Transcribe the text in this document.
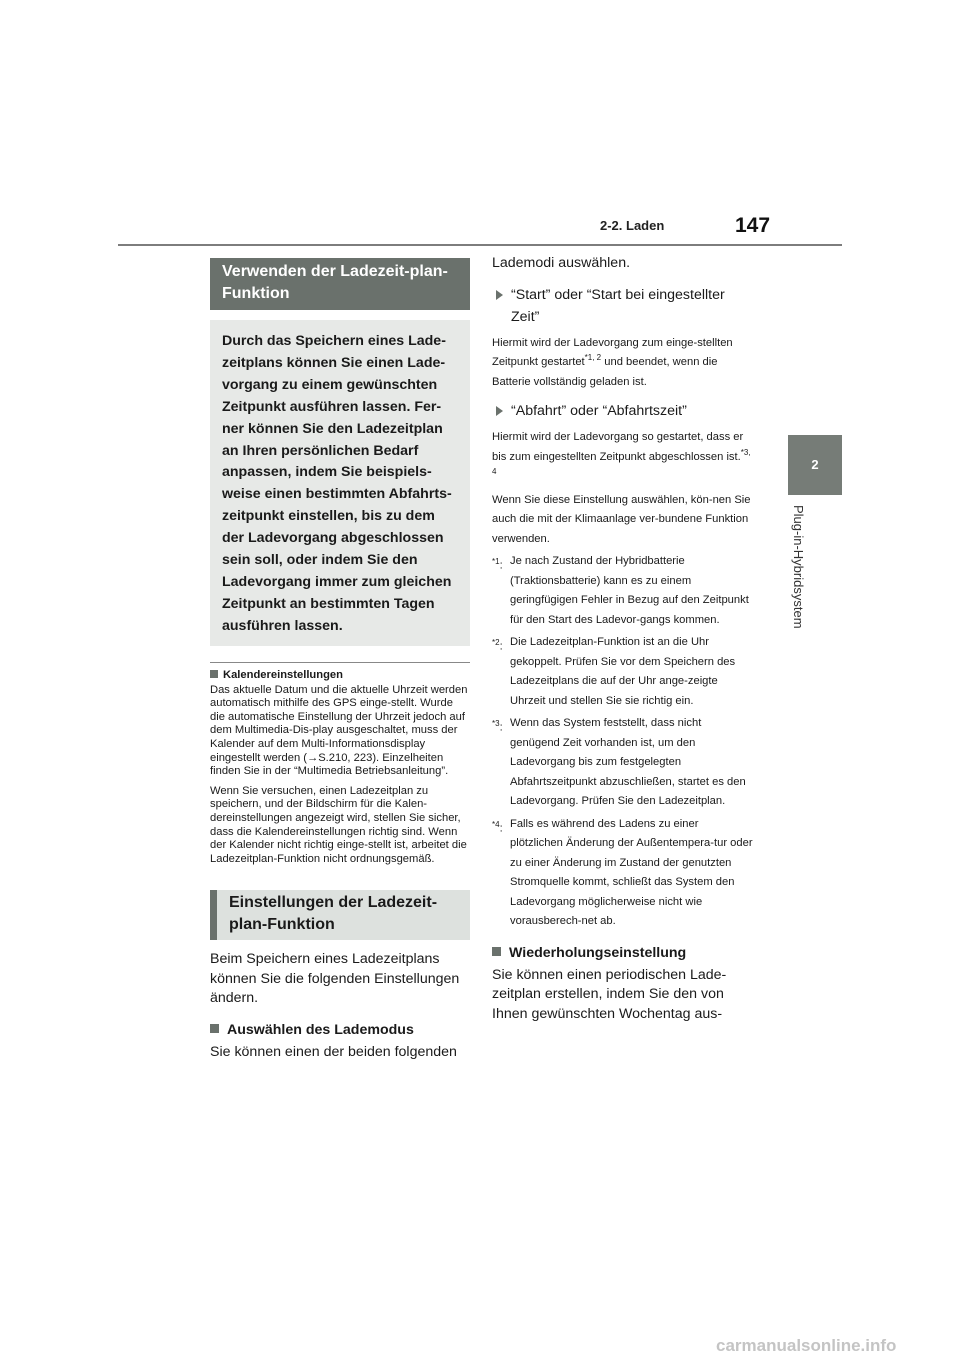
2-2. Laden	147
2
Plug-in-Hybridsystem
Verwenden der Ladezeit-plan-Funktion
Durch das Speichern eines Lade-zeitplans können Sie einen Lade-vorgang zu einem gewünschten Zeitpunkt ausführen lassen. Fer-ner können Sie den Ladezeitplan an Ihren persönlichen Bedarf anpassen, indem Sie beispiels-weise einen bestimmten Abfahrts-zeitpunkt einstellen, bis zu dem der Ladevorgang abgeschlossen sein soll, oder indem Sie den Ladevorgang immer zum gleichen Zeitpunkt an bestimmten Tagen ausführen lassen.
Kalendereinstellungen

Das aktuelle Datum und die aktuelle Uhrzeit werden automatisch mithilfe des GPS einge-stellt. Wurde die automatische Einstellung der Uhrzeit jedoch auf dem Multimedia-Dis-play ausgeschaltet, muss der Kalender auf dem Multi-Informationsdisplay eingestellt werden (→S.210, 223). Einzelheiten finden Sie in der “Multimedia Betriebsanleitung”.

Wenn Sie versuchen, einen Ladezeitplan zu speichern, und der Bildschirm für die Kalen-dereinstellungen angezeigt wird, stellen Sie sicher, dass die Kalendereinstellungen richtig sind. Wenn der Kalender nicht richtig einge-stellt ist, arbeitet die Ladezeitplan-Funktion nicht ordnungsgemäß.

Einstellungen der Ladezeit-plan-Funktion

Beim Speichern eines Ladezeitplans können Sie die folgenden Einstellungen ändern.

Auswählen des Lademodus

Sie können einen der beiden folgenden

Lademodi auswählen.

“Start” oder “Start bei eingestellter Zeit”

Hiermit wird der Ladevorgang zum einge-stellten Zeitpunkt gestartet$^{*1, 2}$ und beendet, wenn die Batterie vollständig geladen ist.

“Abfahrt” oder “Abfahrtszeit”

Hiermit wird der Ladevorgang so gestartet, dass er bis zum eingestellten Zeitpunkt abgeschlossen ist.$^{*3, 4}$

Wenn Sie diese Einstellung auswählen, kön-nen Sie auch die mit der Klimaanlage ver-bundene Funktion verwenden.

$^{*1}$: Je nach Zustand der Hybridbatterie (Traktionsbatterie) kann es zu einem geringfügigen Fehler in Bezug auf den Zeitpunkt für den Start des Ladevor-gangs kommen.
$^{*2}$: Die Ladezeitplan-Funktion ist an die Uhr gekoppelt. Prüfen Sie vor dem Speichern des Ladezeitplans die auf der Uhr ange-zeigte Uhrzeit und stellen Sie sie richtig ein.
$^{*3}$: Wenn das System feststellt, dass nicht genügend Zeit vorhanden ist, um den Ladevorgang bis zum festgelegten Abfahrtszeitpunkt abzuschließen, startet es den Ladevorgang. Prüfen Sie den Ladezeitplan.
$^{*4}$: Falls es während des Ladens zu einer plötzlichen Änderung der Außentempera-tur oder zu einer Änderung im Zustand der genutzten Stromquelle kommt, schließt das System den Ladevorgang möglicherweise nicht wie vorausberech-net ab.
Wiederholungseinstellung

Sie können einen periodischen Lade-zeitplan erstellen, indem Sie den von Ihnen gewünschten Wochentag aus-

carmanualsonline.info
